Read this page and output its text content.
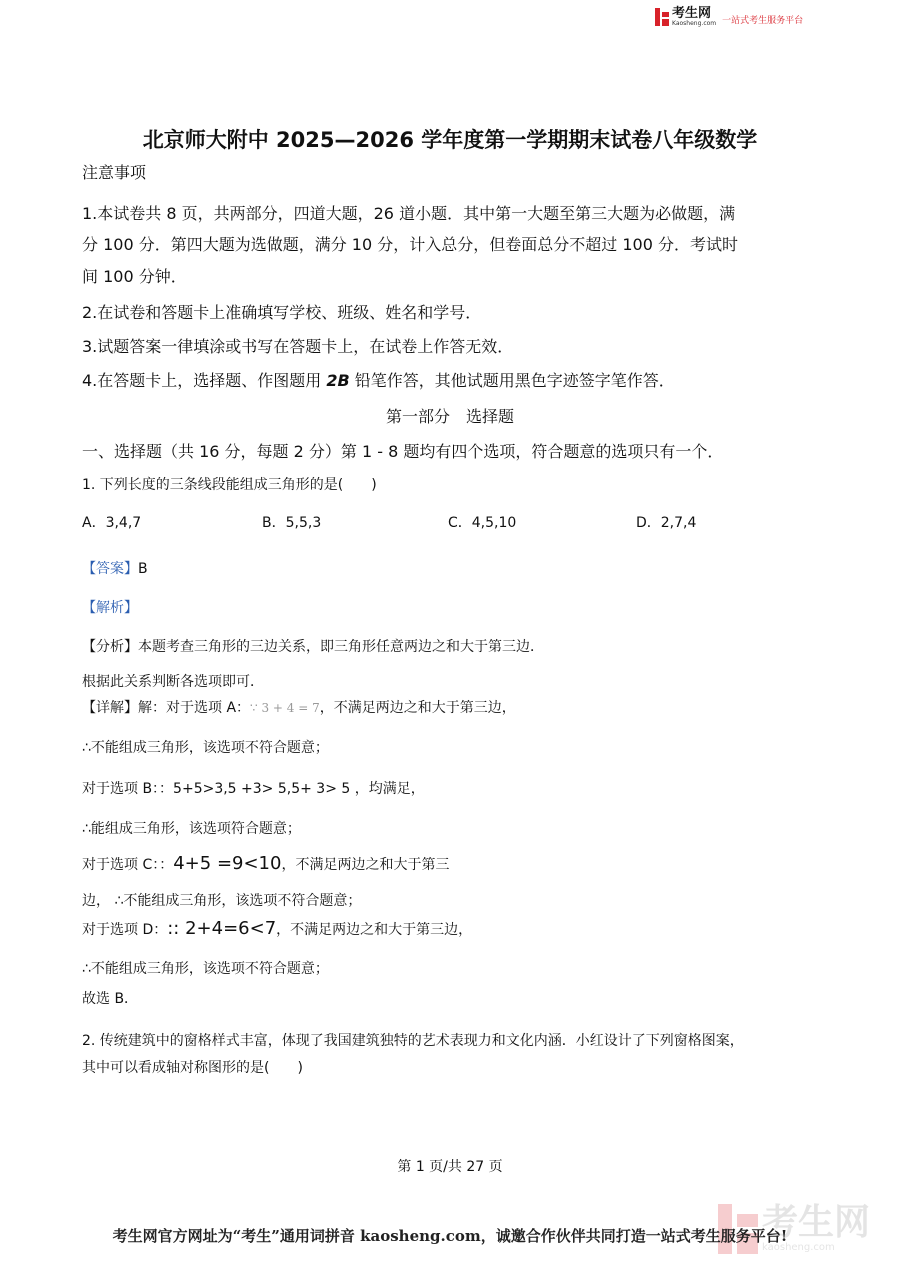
考生网
Kaosheng.com 一站式考生服务平台
北京师大附中 2025—2026 学年度第一学期期末试卷八年级数学
注意事项
1.本试卷共 8 页，共两部分，四道大题，26 道小题．其中第一大题至第三大题为必做题，满
分 100 分．第四大题为选做题，满分 10 分，计入总分，但卷面总分不超过 100 分．考试时
间 100 分钟．
2.在试卷和答题卡上准确填写学校、班级、姓名和学号．
3.试题答案一律填涂或书写在答题卡上，在试卷上作答无效．
4.在答题卡上，选择题、作图题用 2B 铅笔作答，其他试题用黑色字迹签字笔作答．
第一部分　选择题
一、选择题（共 16 分，每题 2 分）第 1 - 8 题均有四个选项，符合题意的选项只有一个．
1. 下列长度的三条线段能组成三角形的是(　　)
A．3,4,7	B．5,5,3	C．4,5,10	D．2,7,4
【答案】B
【解析】
【分析】本题考查三角形的三边关系，即三角形任意两边之和大于第三边．
根据此关系判断各选项即可．
【详解】解：对于选项 A：∵ 3 + 4 = 7，不满足两边之和大于第三边，
∴不能组成三角形，该选项不符合题意；
对于选项 B：：5+5>3,5 +3> 5,5+ 3> 5 ，均满足，
∴能组成三角形，该选项符合题意；
对于选项 C：：4+5 =9<10，不满足两边之和大于第三
边， ∴不能组成三角形，该选项不符合题意；
对于选项 D：:: 2+4=6<7，不满足两边之和大于第三边，
∴不能组成三角形，该选项不符合题意；
故选 B．
2. 传统建筑中的窗格样式丰富，体现了我国建筑独特的艺术表现力和文化内涵．小红设计了下列窗格图案，
其中可以看成轴对称图形的是(　　)
第 1 页/共 27 页
考生网
kaosheng.com
考生网官方网址为“考生”通用词拼音 kaosheng.com，诚邀合作伙伴共同打造一站式考生服务平台!
